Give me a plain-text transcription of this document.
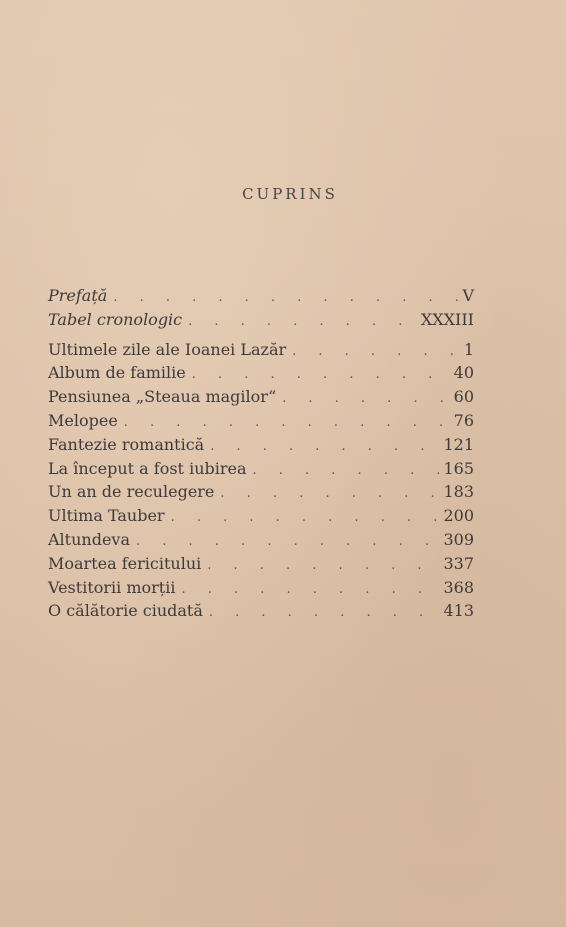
CUPRINS
Prefață . . .	V
Tabel cronologic . . .	XXXIII
Ultimele zile ale Ioanei Lazăr . . .	1
Album de familie . . .	40
Pensiunea „Steaua magilor“ . . .	60
Melopee . . .	76
Fantezie romantică . . .	121
La început a fost iubirea . . .	165
Un an de reculegere . . .	183
Ultima Tauber . . .	200
Altundeva . . .	309
Moartea fericitului . . .	337
Vestitorii morții . . .	368
O călătorie ciudată . . .	413
